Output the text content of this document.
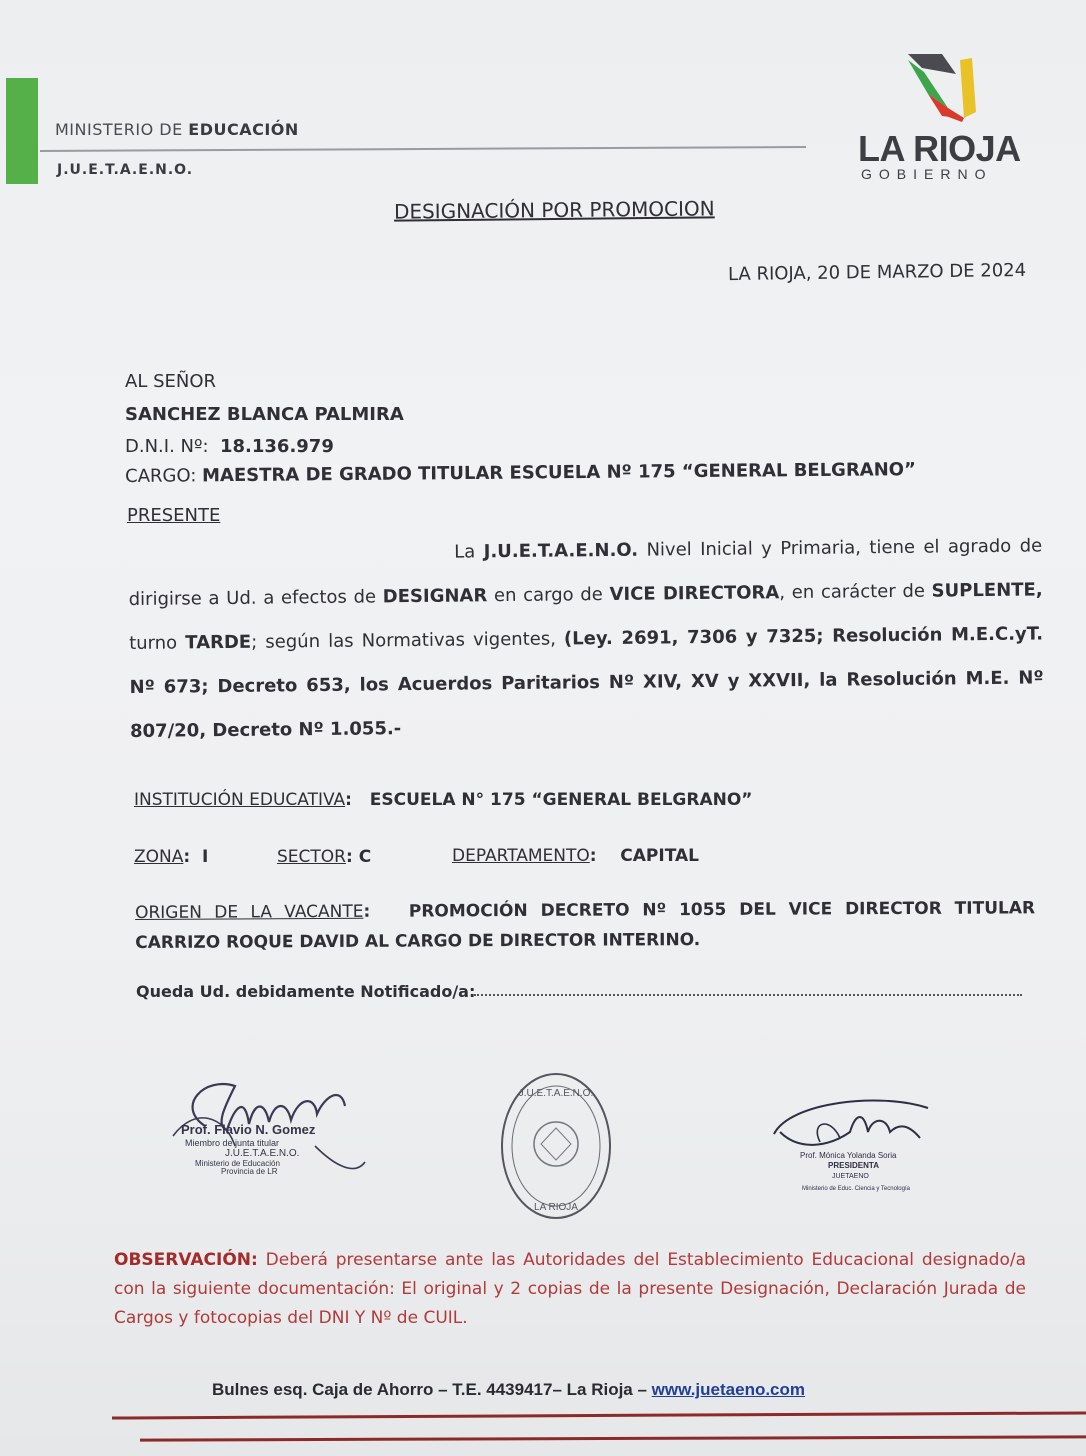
MINISTERIO DE EDUCACIÓN
J.U.E.T.A.E.N.O.
LA RIOJA
GOBIERNO
DESIGNACIÓN POR PROMOCION
LA RIOJA, 20 DE MARZO DE 2024
AL SEÑOR
SANCHEZ BLANCA PALMIRA
D.N.I. Nº: 18.136.979
CARGO: MAESTRA DE GRADO TITULAR ESCUELA Nº 175 “GENERAL BELGRANO”
PRESENTE
La J.U.E.T.A.E.N.O. Nivel Inicial y Primaria, tiene el agrado de dirigirse a Ud. a efectos de DESIGNAR en cargo de VICE DIRECTORA, en carácter de SUPLENTE, turno TARDE; según las Normativas vigentes, (Ley. 2691, 7306 y 7325; Resolución M.E.C.yT. Nº 673; Decreto 653, los Acuerdos Paritarios Nº XIV, XV y XXVII, la Resolución M.E. Nº 807/20, Decreto Nº 1.055.-
INSTITUCIÓN EDUCATIVA: ESCUELA N° 175 “GENERAL BELGRANO”
ZONA:  I	SECTOR: C	DEPARTAMENTO:    CAPITAL
ORIGEN DE LA VACANTE:   PROMOCIÓN DECRETO Nº 1055 DEL VICE DIRECTOR TITULAR CARRIZO ROQUE DAVID AL CARGO DE DIRECTOR INTERINO.
Queda Ud. debidamente Notificado/a:
Prof. Flavio N. Gomez
Miembro de junta titular
J.U.E.T.A.E.N.O.
Ministerio de Educación
Provincia de LR
J.U.E.T.A.E.N.O.
LA RIOJA
Prof. Mónica Yolanda Soria
PRESIDENTA
JUETAENO
Ministerio de Educ. Ciencia y Tecnología
OBSERVACIÓN: Deberá presentarse ante las Autoridades del Establecimiento Educacional designado/a con la siguiente documentación: El original y 2 copias de la presente Designación, Declaración Jurada de Cargos y fotocopias del DNI Y Nº de CUIL.
Bulnes esq. Caja de Ahorro – T.E. 4439417– La Rioja – www.juetaeno.com
